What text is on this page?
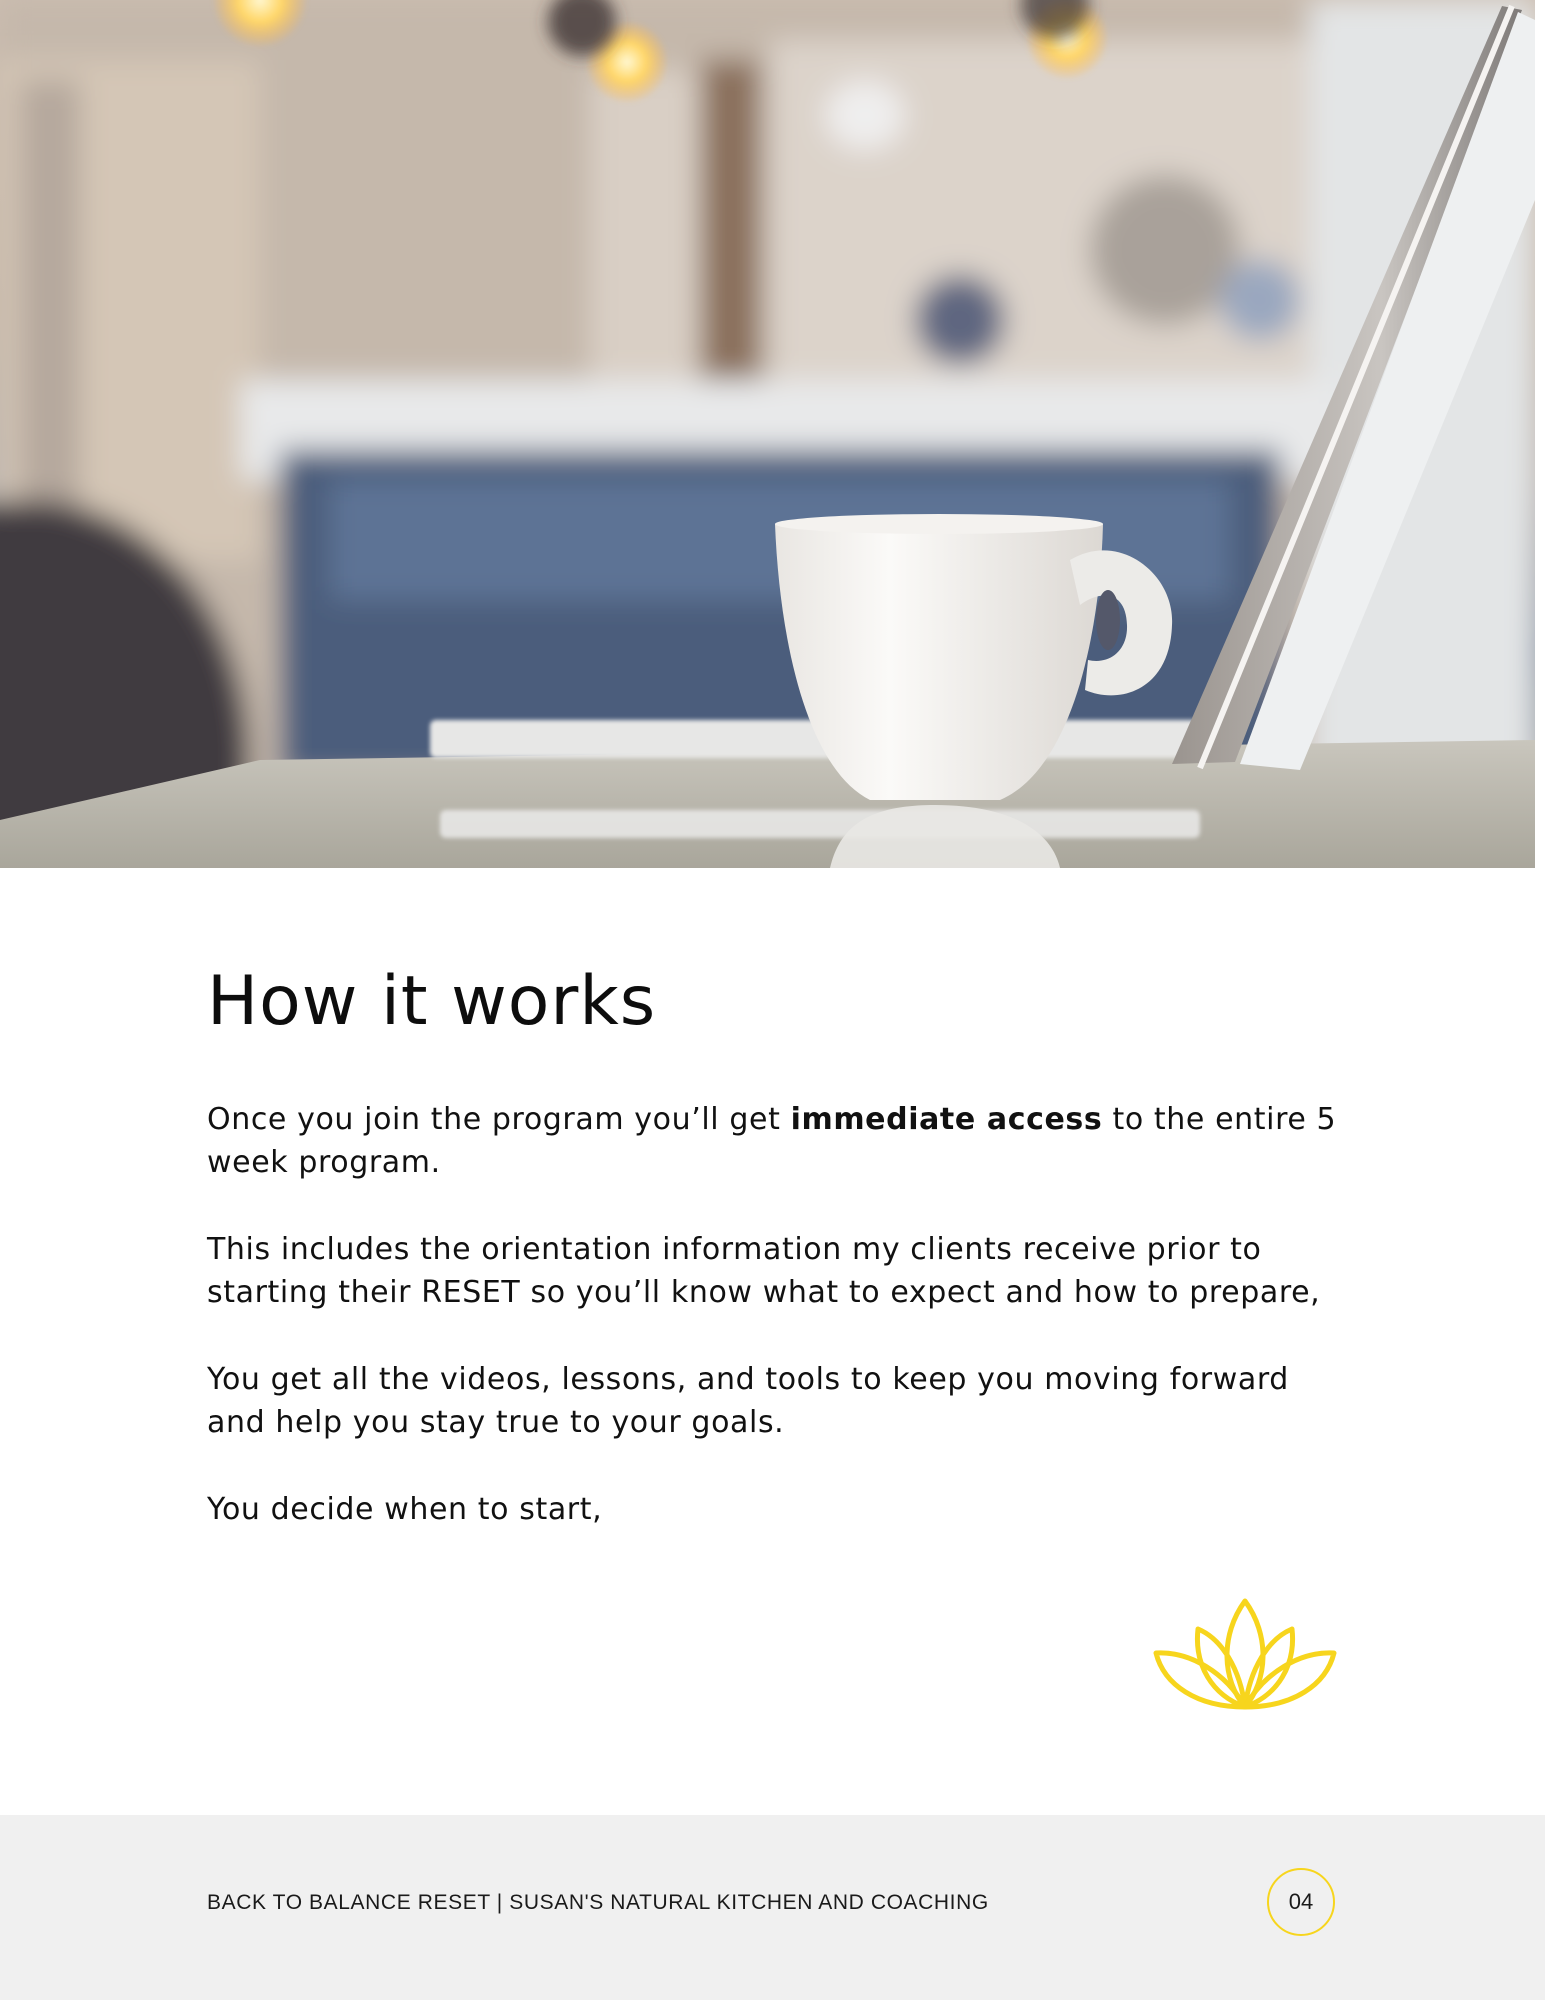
How it works

Once you join the program you’ll get immediate access to the entire 5 week program.

This includes the orientation information my clients receive prior to starting their RESET so you’ll know what to expect and how to prepare,

You get all the videos, lessons, and tools to keep you moving forward and help you stay true to your goals.

You decide when to start,

BACK TO BALANCE RESET | SUSAN'S NATURAL KITCHEN AND COACHING	04
